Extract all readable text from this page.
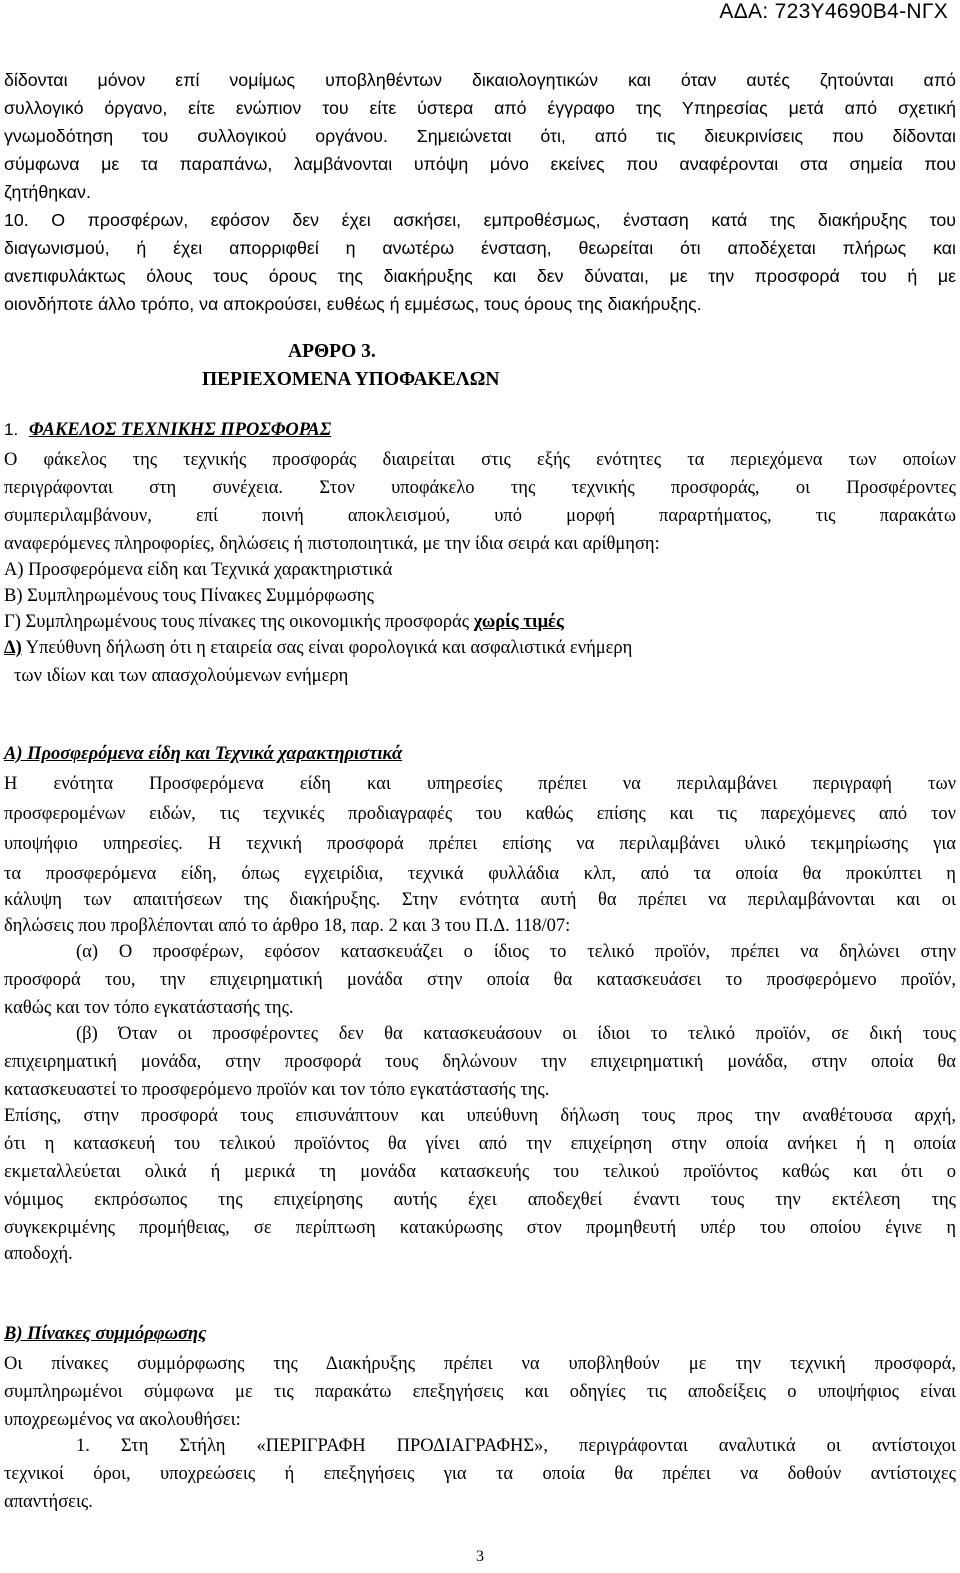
ΑΔΑ: 723Υ4690Β4-ΝΓΧ
δίδονται μόνον επί νομίμως υποβληθέντων δικαιολογητικών και όταν αυτές ζητούνται από
συλλογικό όργανο, είτε ενώπιον του είτε ύστερα από έγγραφο της Υπηρεσίας μετά από σχετική
γνωμοδότηση του συλλογικού οργάνου. Σημειώνεται ότι, από τις διευκρινίσεις που δίδονται
σύμφωνα με τα παραπάνω, λαμβάνονται υπόψη μόνο εκείνες που αναφέρονται στα σημεία που
ζητήθηκαν.
10. Ο προσφέρων, εφόσον δεν έχει ασκήσει, εμπροθέσμως, ένσταση κατά της διακήρυξης του
διαγωνισμού, ή έχει απορριφθεί η ανωτέρω ένσταση, θεωρείται ότι αποδέχεται πλήρως και
ανεπιφυλάκτως όλους τους όρους της διακήρυξης και δεν δύναται, με την προσφορά του ή με
οιονδήποτε άλλο τρόπο, να αποκρούσει, ευθέως ή εμμέσως, τους όρους της διακήρυξης.
ΑΡΘΡΟ 3.
ΠΕΡΙΕΧΟΜΕΝΑ ΥΠΟΦΑΚΕΛΩΝ
1. ΦΑΚΕΛΟΣ ΤΕΧΝΙΚΗΣ ΠΡΟΣΦΟΡΑΣ
Ο φάκελος της τεχνικής προσφοράς διαιρείται στις εξής ενότητες τα περιεχόμενα των οποίων
περιγράφονται στη συνέχεια. Στον υποφάκελο της τεχνικής προσφοράς, οι Προσφέροντες
συμπεριλαμβάνουν, επί ποινή αποκλεισμού, υπό μορφή παραρτήματος, τις παρακάτω
αναφερόμενες πληροφορίες, δηλώσεις ή πιστοποιητικά, με την ίδια σειρά και αρίθμηση:
Α) Προσφερόμενα είδη και Τεχνικά χαρακτηριστικά
Β) Συμπληρωμένους τους Πίνακες Συμμόρφωσης
Γ) Συμπληρωμένους τους πίνακες της οικονομικής προσφοράς χωρίς τιμές
Δ) Υπεύθυνη δήλωση ότι η εταιρεία σας είναι φορολογικά και ασφαλιστικά ενήμερη
των ιδίων και των απασχολούμενων ενήμερη
Α) Προσφερόμενα είδη και Τεχνικά χαρακτηριστικά
Η ενότητα Προσφερόμενα είδη και υπηρεσίες πρέπει να περιλαμβάνει περιγραφή των
προσφερομένων ειδών, τις τεχνικές προδιαγραφές του καθώς επίσης και τις παρεχόμενες από τον
υποψήφιο υπηρεσίες. Η τεχνική προσφορά πρέπει επίσης να περιλαμβάνει υλικό τεκμηρίωσης για
τα προσφερόμενα είδη, όπως εγχειρίδια, τεχνικά φυλλάδια κλπ, από τα οποία θα προκύπτει η
κάλυψη των απαιτήσεων της διακήρυξης. Στην ενότητα αυτή θα πρέπει να περιλαμβάνονται και οι
δηλώσεις που προβλέπονται από το άρθρο 18, παρ. 2 και 3 του Π.Δ. 118/07:
(α) Ο προσφέρων, εφόσον κατασκευάζει ο ίδιος το τελικό προϊόν, πρέπει να δηλώνει στην
προσφορά του, την επιχειρηματική μονάδα στην οποία θα κατασκευάσει το προσφερόμενο προϊόν,
καθώς και τον τόπο εγκατάστασής της.
(β) Όταν οι προσφέροντες δεν θα κατασκευάσουν οι ίδιοι το τελικό προϊόν, σε δική τους
επιχειρηματική μονάδα, στην προσφορά τους δηλώνουν την επιχειρηματική μονάδα, στην οποία θα
κατασκευαστεί το προσφερόμενο προϊόν και τον τόπο εγκατάστασής της.
Επίσης, στην προσφορά τους επισυνάπτουν και υπεύθυνη δήλωση τους προς την αναθέτουσα αρχή,
ότι η κατασκευή του τελικού προϊόντος θα γίνει από την επιχείρηση στην οποία ανήκει ή η οποία
εκμεταλλεύεται ολικά ή μερικά τη μονάδα κατασκευής του τελικού προϊόντος καθώς και ότι ο
νόμιμος εκπρόσωπος της επιχείρησης αυτής έχει αποδεχθεί έναντι τους την εκτέλεση της
συγκεκριμένης προμήθειας, σε περίπτωση κατακύρωσης στον προμηθευτή υπέρ του οποίου έγινε η
αποδοχή.
Β) Πίνακες συμμόρφωσης
Οι πίνακες συμμόρφωσης της Διακήρυξης πρέπει να υποβληθούν με την τεχνική προσφορά,
συμπληρωμένοι σύμφωνα με τις παρακάτω επεξηγήσεις και οδηγίες τις αποδείξεις ο υποψήφιος είναι
υποχρεωμένος να ακολουθήσει:
1. Στη Στήλη «ΠΕΡΙΓΡΑΦΗ ΠΡΟΔΙΑΓΡΑΦΗΣ», περιγράφονται αναλυτικά οι αντίστοιχοι
τεχνικοί όροι, υποχρεώσεις ή επεξηγήσεις για τα οποία θα πρέπει να δοθούν αντίστοιχες
απαντήσεις.
3
